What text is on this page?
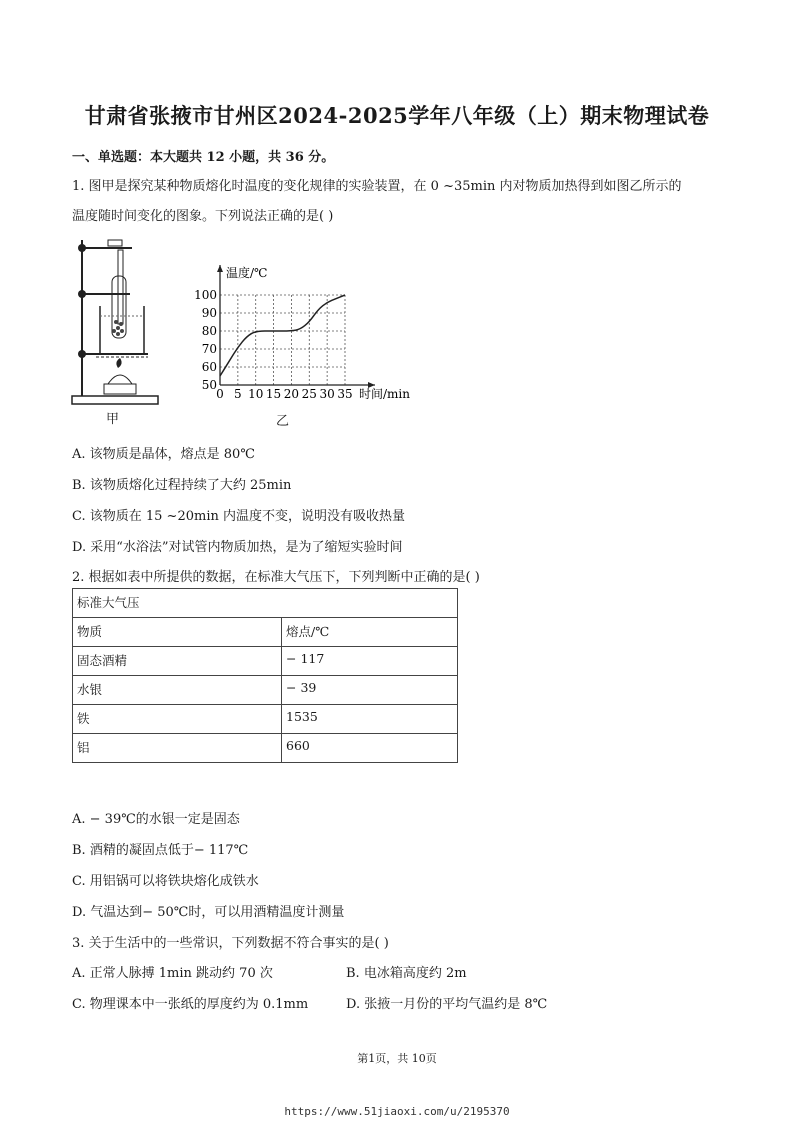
甘肃省张掖市甘州区2024-2025学年八年级（上）期末物理试卷
一、单选题：本大题共 12 小题，共 36 分。
1. 图甲是探究某种物质熔化时温度的变化规律的实验装置，在 0 ~35min 内对物质加热得到如图乙所示的
温度随时间变化的图象。下列说法正确的是( )
甲
0 5 10 15 20 25 30 35
50
60
70
80
90
100
温度/℃
时间/min
乙
A. 该物质是晶体，熔点是 80℃
B. 该物质熔化过程持续了大约 25min
C. 该物质在 15 ~20min 内温度不变，说明没有吸收热量
D. 采用“水浴法”对试管内物质加热，是为了缩短实验时间
2. 根据如表中所提供的数据，在标准大气压下，下列判断中正确的是( )
标准大气压	
物质	熔点/℃
固态酒精	− 117
水银	− 39
铁	1535
铝	660
A. − 39℃的水银一定是固态
B. 酒精的凝固点低于− 117℃
C. 用铝锅可以将铁块熔化成铁水
D. 气温达到− 50℃时，可以用酒精温度计测量
3. 关于生活中的一些常识，下列数据不符合事实的是( )
A. 正常人脉搏 1min 跳动约 70 次	B. 电冰箱高度约 2m
C. 物理课本中一张纸的厚度约为 0.1mm	D. 张掖一月份的平均气温约是 8℃
第1页，共 10页
https://www.51jiaoxi.com/u/2195370
